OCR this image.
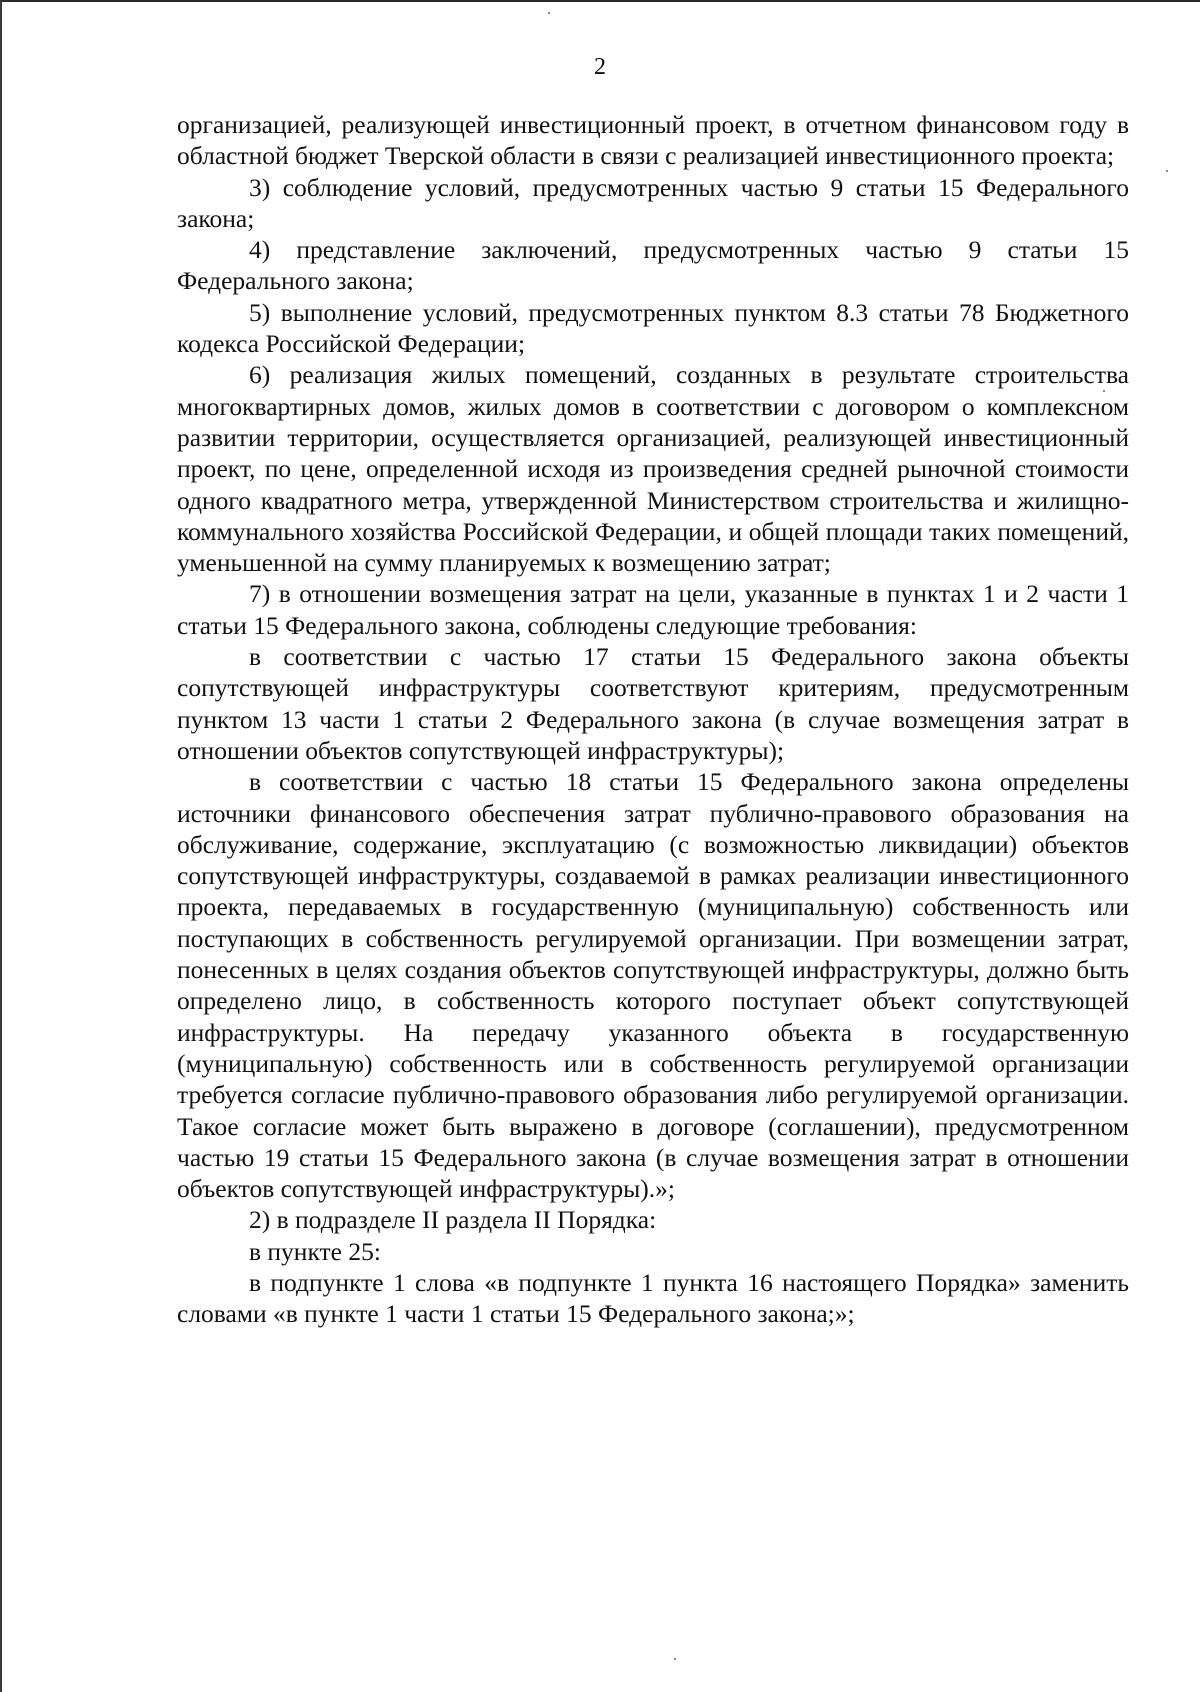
2

организацией, реализующей инвестиционный проект, в отчетном финансовом году в областной бюджет Тверской области в связи с реализацией инвестиционного проекта;

3) соблюдение условий, предусмотренных частью 9 статьи 15 Федерального закона;

4) представление заключений, предусмотренных частью 9 статьи 15 Федерального закона;

5) выполнение условий, предусмотренных пунктом 8.3 статьи 78 Бюджетного кодекса Российской Федерации;

6) реализация жилых помещений, созданных в результате строительства многоквартирных домов, жилых домов в соответствии с договором о комплексном развитии территории, осуществляется организацией, реализующей инвестиционный проект, по цене, определенной исходя из произведения средней рыночной стоимости одного квадратного метра, утвержденной Министерством строительства и жилищно-коммунального хозяйства Российской Федерации, и общей площади таких помещений, уменьшенной на сумму планируемых к возмещению затрат;

7) в отношении возмещения затрат на цели, указанные в пунктах 1 и 2 части 1 статьи 15 Федерального закона, соблюдены следующие требования:

в соответствии с частью 17 статьи 15 Федерального закона объекты сопутствующей инфраструктуры соответствуют критериям, предусмотренным пунктом 13 части 1 статьи 2 Федерального закона (в случае возмещения затрат в отношении объектов сопутствующей инфраструктуры);

в соответствии с частью 18 статьи 15 Федерального закона определены источники финансового обеспечения затрат публично-правового образования на обслуживание, содержание, эксплуатацию (с возможностью ликвидации) объектов сопутствующей инфраструктуры, создаваемой в рамках реализации инвестиционного проекта, передаваемых в государственную (муниципальную) собственность или поступающих в собственность регулируемой организации. При возмещении затрат, понесенных в целях создания объектов сопутствующей инфраструктуры, должно быть определено лицо, в собственность которого поступает объект сопутствующей инфраструктуры. На передачу указанного объекта в государственную (муниципальную) собственность или в собственность регулируемой организации требуется согласие публично-правового образования либо регулируемой организации. Такое согласие может быть выражено в договоре (соглашении), предусмотренном частью 19 статьи 15 Федерального закона (в случае возмещения затрат в отношении объектов сопутствующей инфраструктуры).»;

2) в подразделе II раздела II Порядка:

в пункте 25:

в подпункте 1 слова «в подпункте 1 пункта 16 настоящего Порядка» заменить словами «в пункте 1 части 1 статьи 15 Федерального закона;»;
